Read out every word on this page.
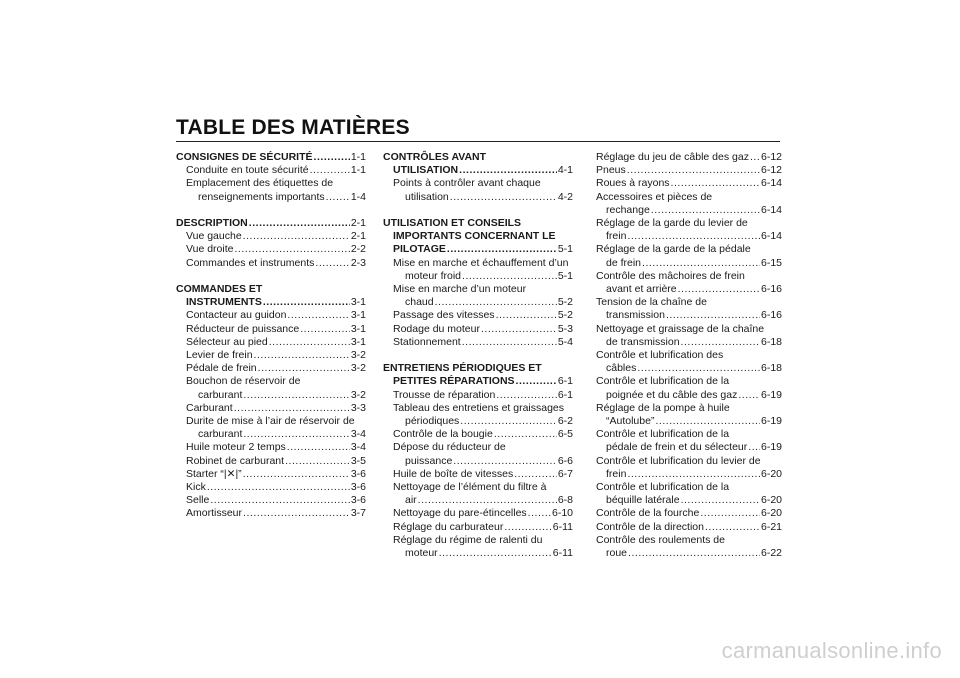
TABLE DES MATIÈRES
CONSIGNES DE SÉCURITÉ . . .	1-1
Conduite en toute sécurité . . .	1-1
Emplacement des étiquettes de
renseignements importants . . . 1-4
DESCRIPTION . . .	2-1
Vue gauche . . .	2-1
Vue droite . . .	2-2
Commandes et instruments . . .	2-3
COMMANDES ET
INSTRUMENTS . . .	3-1
Contacteur au guidon . . .	3-1
Réducteur de puissance . . .	3-1
Sélecteur au pied . . .	3-1
Levier de frein . . .	3-2
Pédale de frein . . .	3-2
Bouchon de réservoir de
carburant . . .	3-2
Carburant . . .	3-3
Durite de mise à l’air de réservoir de
carburant . . .	3-4
Huile moteur 2 temps . . .	3-4
Robinet de carburant . . .	3-5
Starter “|✕|” . . .	3-6
Kick . . .	3-6
Selle . . .	3-6
Amortisseur . . .	3-7
CONTRÔLES AVANT
UTILISATION . . .	4-1
Points à contrôler avant chaque
utilisation . . .	4-2
UTILISATION ET CONSEILS
IMPORTANTS CONCERNANT LE
PILOTAGE . . .	5-1
Mise en marche et échauffement d’un
moteur froid . . .	5-1
Mise en marche d’un moteur
chaud . . .	5-2
Passage des vitesses . . .	5-2
Rodage du moteur . . .	5-3
Stationnement . . .	5-4
ENTRETIENS PÉRIODIQUES ET
PETITES RÉPARATIONS . . .	6-1
Trousse de réparation . . .	6-1
Tableau des entretiens et graissages
périodiques . . .	6-2
Contrôle de la bougie . . .	6-5
Dépose du réducteur de
puissance . . .	6-6
Huile de boîte de vitesses . . .	6-7
Nettoyage de l’élément du filtre à
air . . .	6-8
Nettoyage du pare-étincelles . . . 6-10
Réglage du carburateur . . .	6-11
Réglage du régime de ralenti du
moteur . . .	6-11
Réglage du jeu de câble des gaz . . . 6-12
Pneus . . .	6-12
Roues à rayons . . .	6-14
Accessoires et pièces de
rechange . . .	6-14
Réglage de la garde du levier de
frein . . .	6-14
Réglage de la garde de la pédale
de frein . . .	6-15
Contrôle des mâchoires de frein
avant et arrière . . .	6-16
Tension de la chaîne de
transmission . . .	6-16
Nettoyage et graissage de la chaîne
de transmission . . .	6-18
Contrôle et lubrification des
câbles . . .	6-18
Contrôle et lubrification de la
poignée et du câble des gaz . . . 6-19
Réglage de la pompe à huile
“Autolube” . . .	6-19
Contrôle et lubrification de la
pédale de frein et du sélecteur . . . 6-19
Contrôle et lubrification du levier de
frein . . .	6-20
Contrôle et lubrification de la
béquille latérale . . .	6-20
Contrôle de la fourche . . .	6-20
Contrôle de la direction . . .	6-21
Contrôle des roulements de
roue . . .	6-22
carmanualsonline.info
